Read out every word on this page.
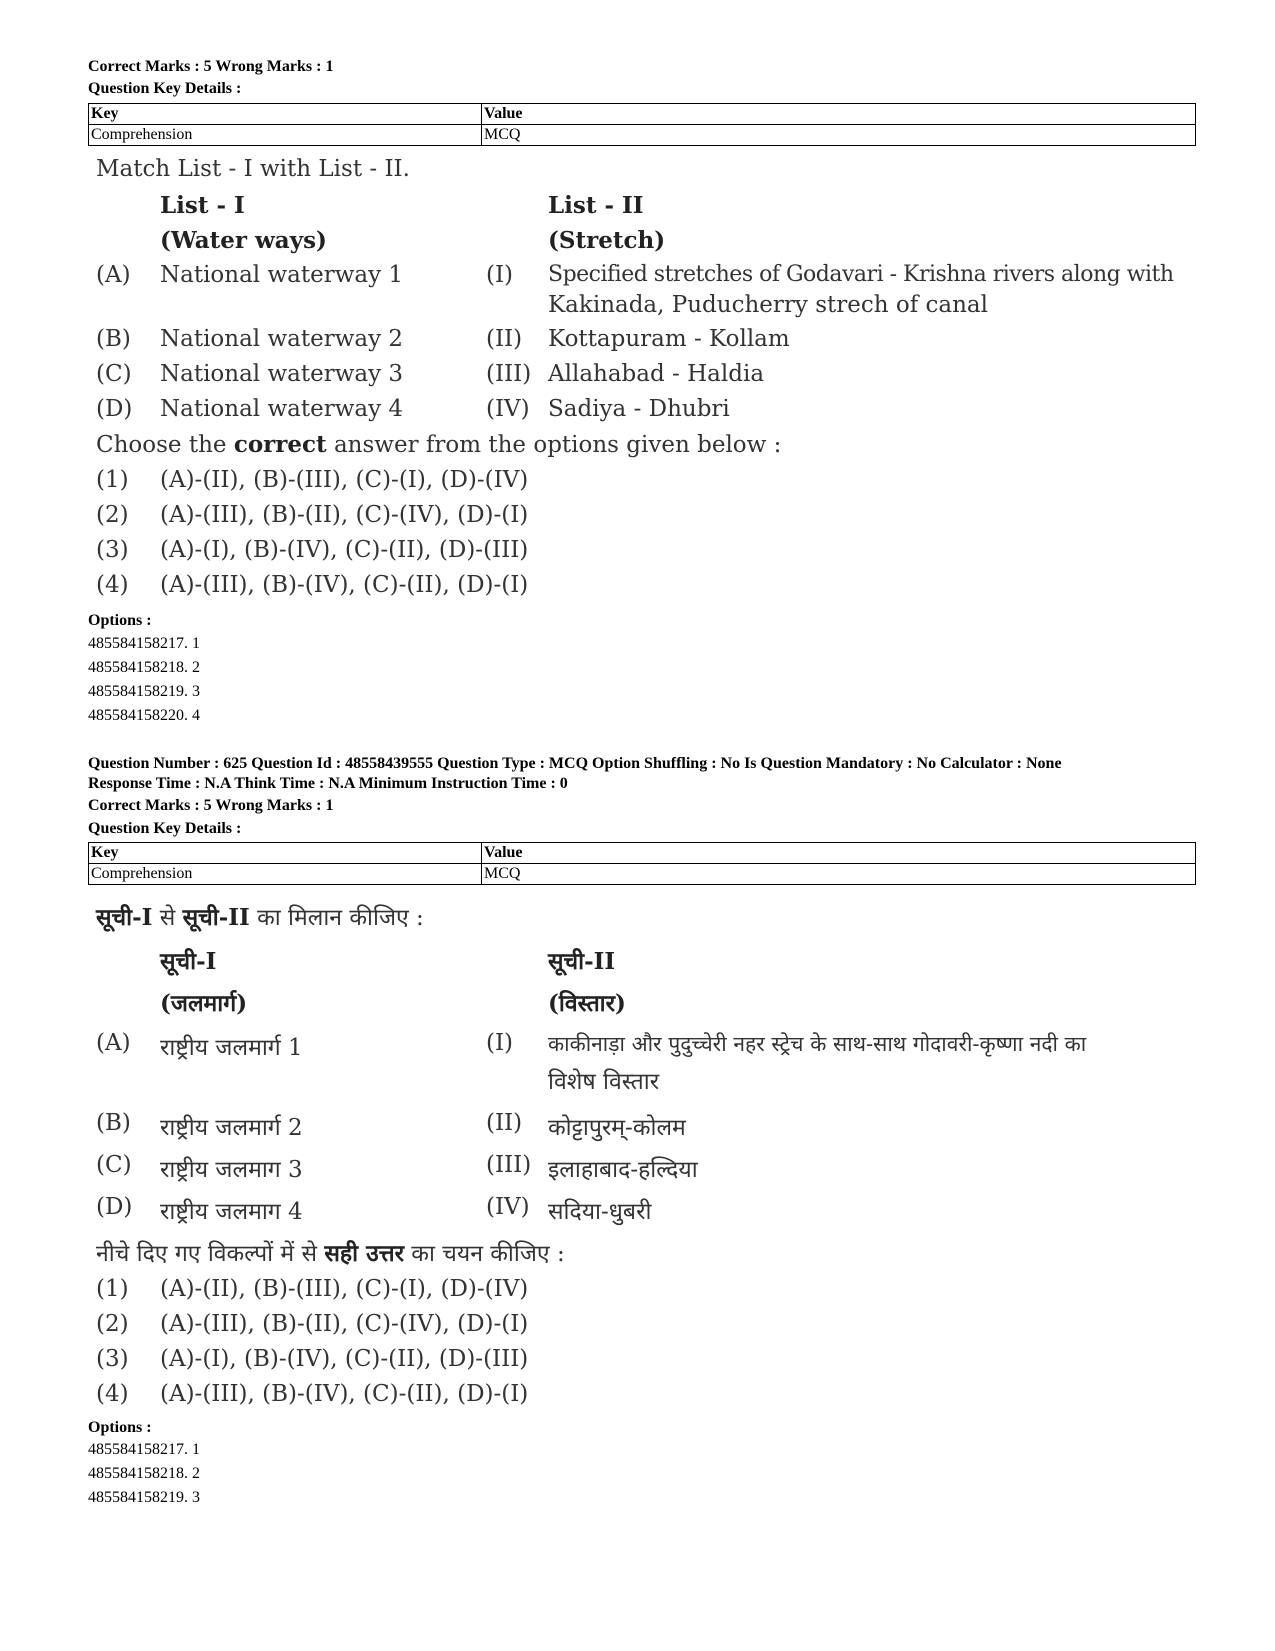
Correct Marks : 5 Wrong Marks : 1
Question Key Details :
Key	Value
Comprehension	MCQ
Match List - I with List - II.
List - I	List - II
(Water ways)	(Stretch)
(A) National waterway 1	(I) Specified stretches of Godavari - Krishna rivers along with
Kakinada, Puducherry strech of canal
(B) National waterway 2	(II) Kottapuram - Kollam
(C) National waterway 3	(III) Allahabad - Haldia
(D) National waterway 4	(IV) Sadiya - Dhubri
Choose the correct answer from the options given below :
(1) (A)-(II), (B)-(III), (C)-(I), (D)-(IV)
(2) (A)-(III), (B)-(II), (C)-(IV), (D)-(I)
(3) (A)-(I), (B)-(IV), (C)-(II), (D)-(III)
(4) (A)-(III), (B)-(IV), (C)-(II), (D)-(I)
Options :
485584158217. 1
485584158218. 2
485584158219. 3
485584158220. 4
Question Number : 625 Question Id : 48558439555 Question Type : MCQ Option Shuffling : No Is Question Mandatory : No Calculator : None
Response Time : N.A Think Time : N.A Minimum Instruction Time : 0
Correct Marks : 5 Wrong Marks : 1
Question Key Details :
Key	Value
Comprehension	MCQ
सूची-I से सूची-II का मिलान कीजिए :
सूची-I	सूची-II
(जलमार्ग)	(विस्तार)
(A) राष्ट्रीय जलमार्ग 1	(I) काकीनाड़ा और पुदुच्चेरी नहर स्ट्रेच के साथ-साथ गोदावरी-कृष्णा नदी का
विशेष विस्तार
(B) राष्ट्रीय जलमार्ग 2	(II) कोट्टापुरम्-कोलम
(C) राष्ट्रीय जलमाग 3	(III) इलाहाबाद-हल्दिया
(D) राष्ट्रीय जलमाग 4	(IV) सदिया-धुबरी
नीचे दिए गए विकल्पों में से सही उत्तर का चयन कीजिए :
(1) (A)-(II), (B)-(III), (C)-(I), (D)-(IV)
(2) (A)-(III), (B)-(II), (C)-(IV), (D)-(I)
(3) (A)-(I), (B)-(IV), (C)-(II), (D)-(III)
(4) (A)-(III), (B)-(IV), (C)-(II), (D)-(I)
Options :
485584158217. 1
485584158218. 2
485584158219. 3
